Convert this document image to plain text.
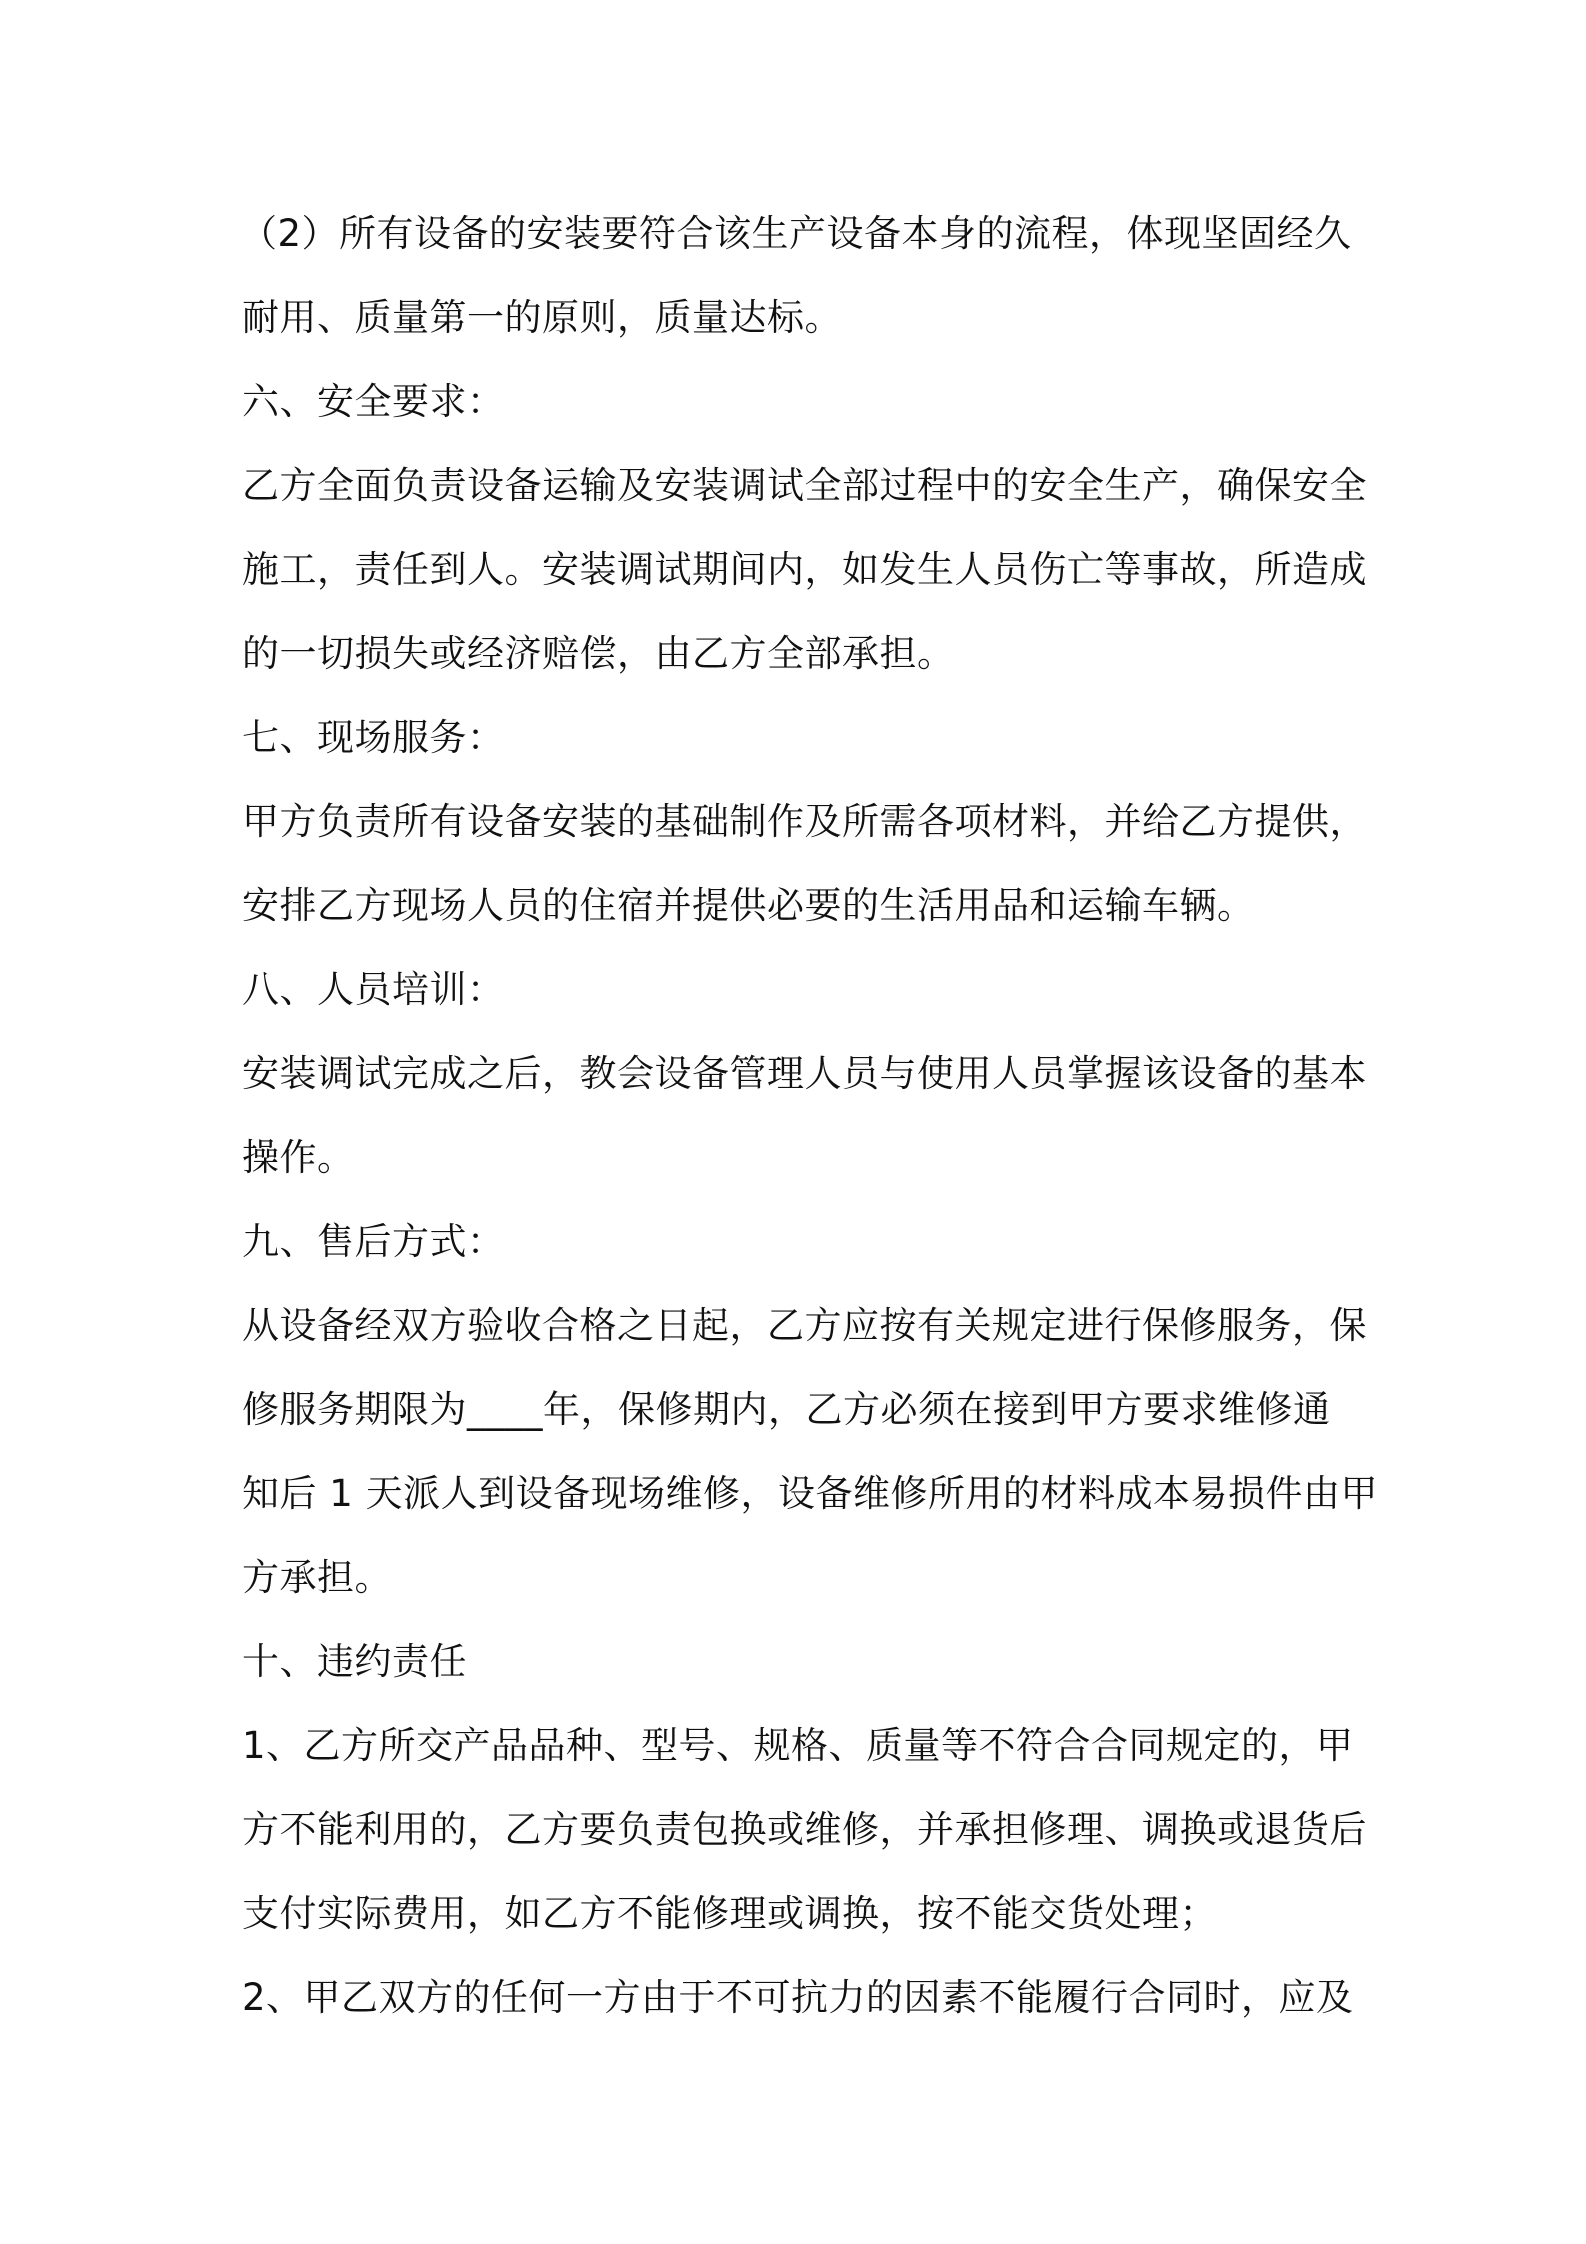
（2）所有设备的安装要符合该生产设备本身的流程，体现坚固经久
耐用、质量第一的原则，质量达标。
六、安全要求：
乙方全面负责设备运输及安装调试全部过程中的安全生产，确保安全
施工，责任到人。安装调试期间内，如发生人员伤亡等事故，所造成
的一切损失或经济赔偿，由乙方全部承担。
七、现场服务：
甲方负责所有设备安装的基础制作及所需各项材料，并给乙方提供，
安排乙方现场人员的住宿并提供必要的生活用品和运输车辆。
八、人员培训：
安装调试完成之后，教会设备管理人员与使用人员掌握该设备的基本
操作。
九、售后方式：
从设备经双方验收合格之日起，乙方应按有关规定进行保修服务，保
修服务期限为____年，保修期内，乙方必须在接到甲方要求维修通
知后 1 天派人到设备现场维修，设备维修所用的材料成本易损件由甲
方承担。
十、违约责任
1、乙方所交产品品种、型号、规格、质量等不符合合同规定的，甲
方不能利用的，乙方要负责包换或维修，并承担修理、调换或退货后
支付实际费用，如乙方不能修理或调换，按不能交货处理；
2、甲乙双方的任何一方由于不可抗力的因素不能履行合同时，应及
